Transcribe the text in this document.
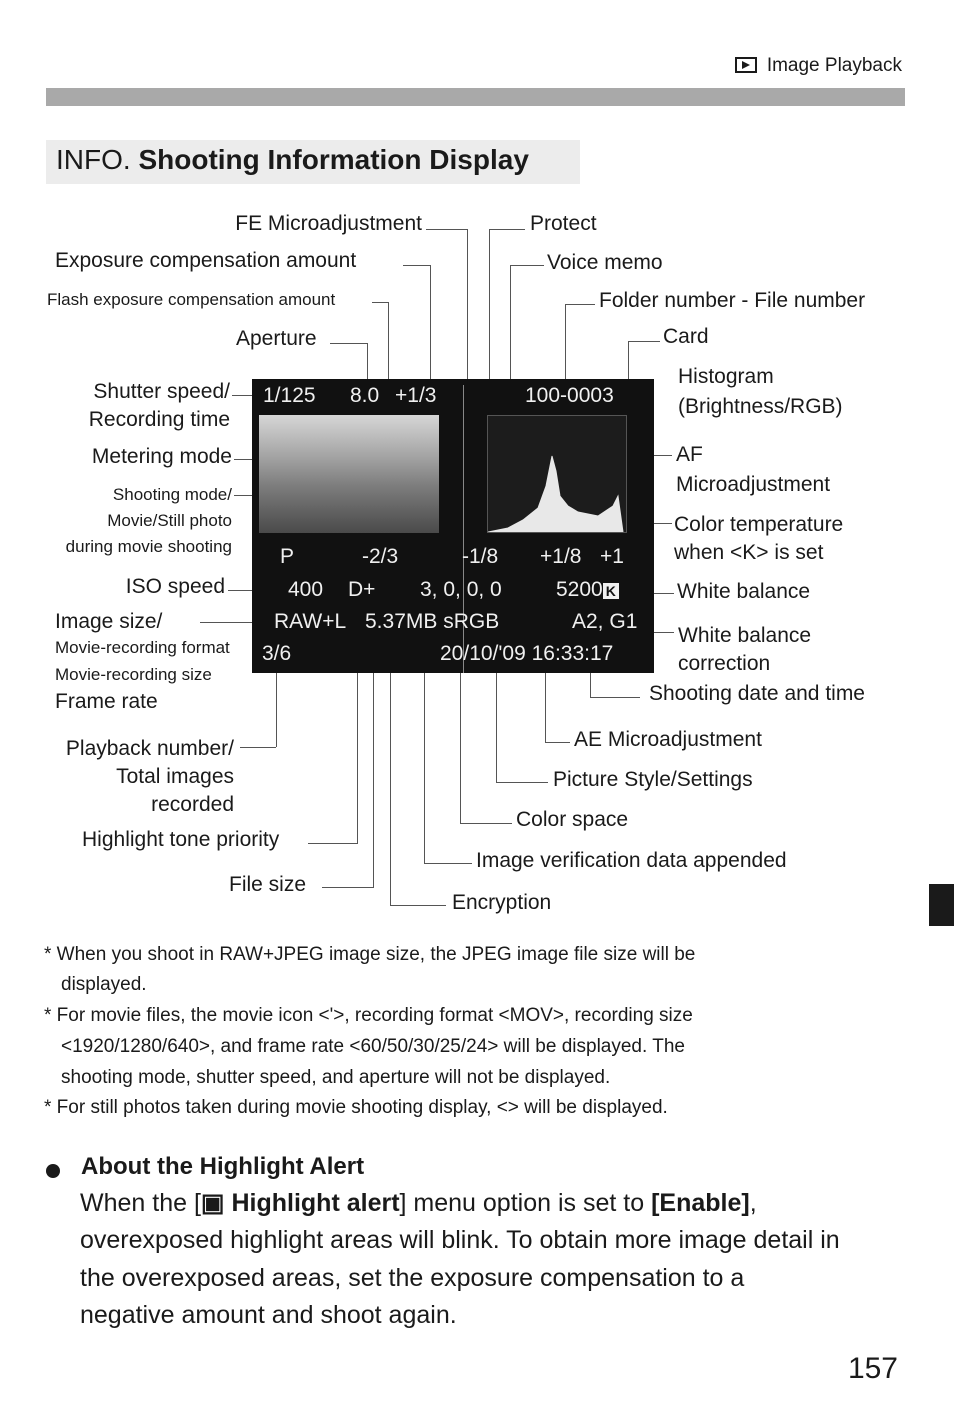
Image Playback
INFO. Shooting Information Display
FE Microadjustment
Exposure compensation amount
Flash exposure compensation amount
Aperture
Shutter speed/
Recording time
Metering mode
Shooting mode/
Movie/Still photo
during movie shooting
ISO speed
Image size/
Movie-recording format
Movie-recording size
Frame rate
Playback number/
Total images
recorded
Highlight tone priority
File size
Protect
Voice memo
Folder number - File number
Card
Histogram
(Brightness/RGB)
AF
Microadjustment
Color temperature
when <K> is set
White balance
White balance
correction
Shooting date and time
AE Microadjustment
Picture Style/Settings
Color space
Image verification data appended
Encryption
1/125 8.0 +1/3	100-0003
P	-2/3	-1/8 +1/8 +1
400 D+ 3, 0, 0, 0	5200 K
RAW+L 5.37MB sRGB	A2, G1
3/6	20/10/'09 16:33:17
* When you shoot in RAW+JPEG image size, the JPEG image file size will be
displayed.
* For movie files, the movie icon <'>, recording format <MOV>, recording size
<1920/1280/640>, and frame rate <60/50/30/25/24> will be displayed. The
shooting mode, shutter speed, and aperture will not be displayed.
* For still photos taken during movie shooting display, <> will be displayed.
About the Highlight Alert
When the [▣ Highlight alert] menu option is set to [Enable],
overexposed highlight areas will blink. To obtain more image detail in
the overexposed areas, set the exposure compensation to a
negative amount and shoot again.
157
